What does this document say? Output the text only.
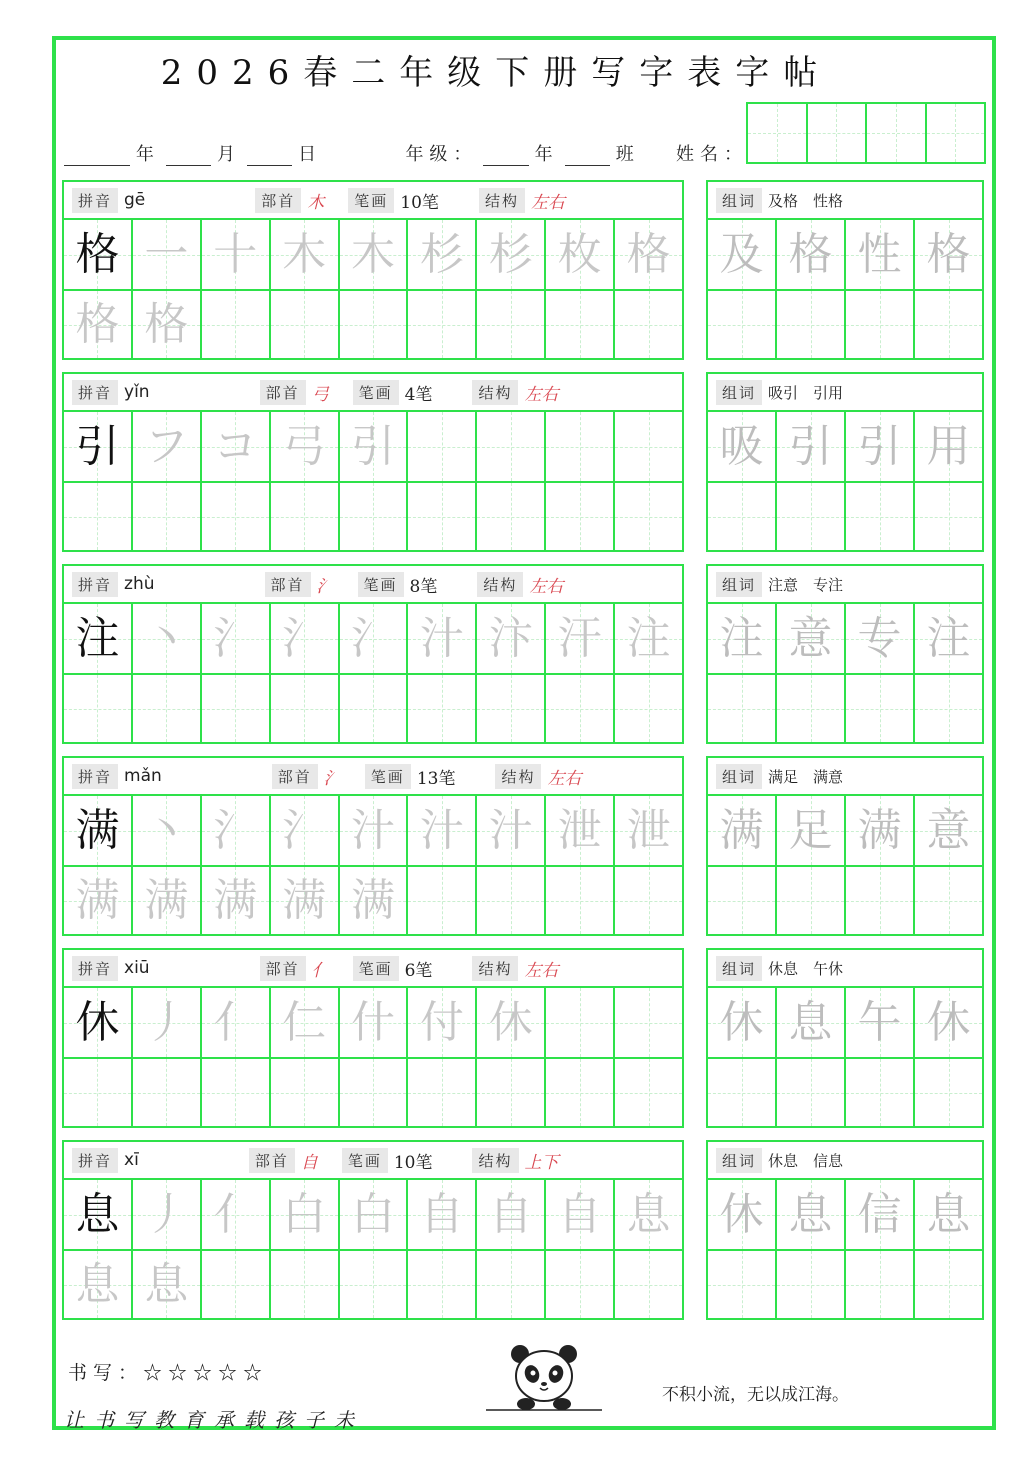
2026春二年级下册写字表字帖
年	月	日	年级：	年	班 姓名：
拼音 gē	部首 木	笔画 10笔	结构 左右
格 一 十 木 木 杉 杉 枚 格
格 格
组词 及格　性格
及 格 性 格
拼音 yǐn	部首 弓	笔画 4笔	结构 左右
引 フ コ 弓 引
组词 吸引　引用
吸 引 引 用
拼音 zhù	部首 氵	笔画 8笔	结构 左右
注 丶 氵 氵 氵 汁 汴 汗 注
组词 注意　专注
注 意 专 注
拼音 mǎn	部首 氵	笔画 13笔	结构 左右
满 丶 氵 氵 汁 汁 汁 泄 泄
满 满 满 满 满
组词 满足　满意
满 足 满 意
拼音 xiū	部首 亻	笔画 6笔	结构 左右
休 丿 亻 仁 什 付 休
组词 休息　午休
休 息 午 休
拼音 xī	部首 自	笔画 10笔	结构 上下
息 丿 亻 白 白 自 自 自 息
息 息
组词 休息　信息
休 息 信 息
书写：☆☆☆☆☆
不积小流，无以成江海。
让书写教育承载孩子未
